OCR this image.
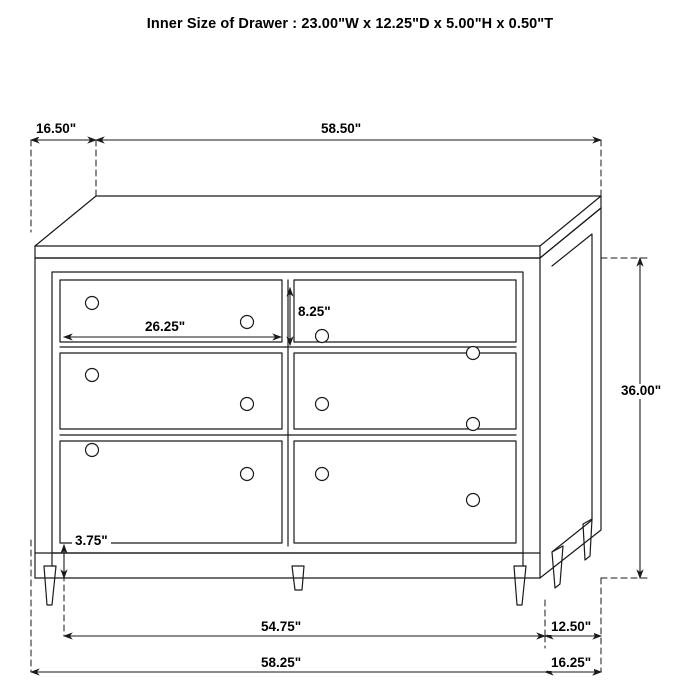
Inner Size of Drawer : 23.00"W x 12.25"D x 5.00"H x 0.50"T
16.50"	58.50"
26.25"
8.25"
36.00"
3.75"
54.75"
58.25"
12.50"
16.25"
